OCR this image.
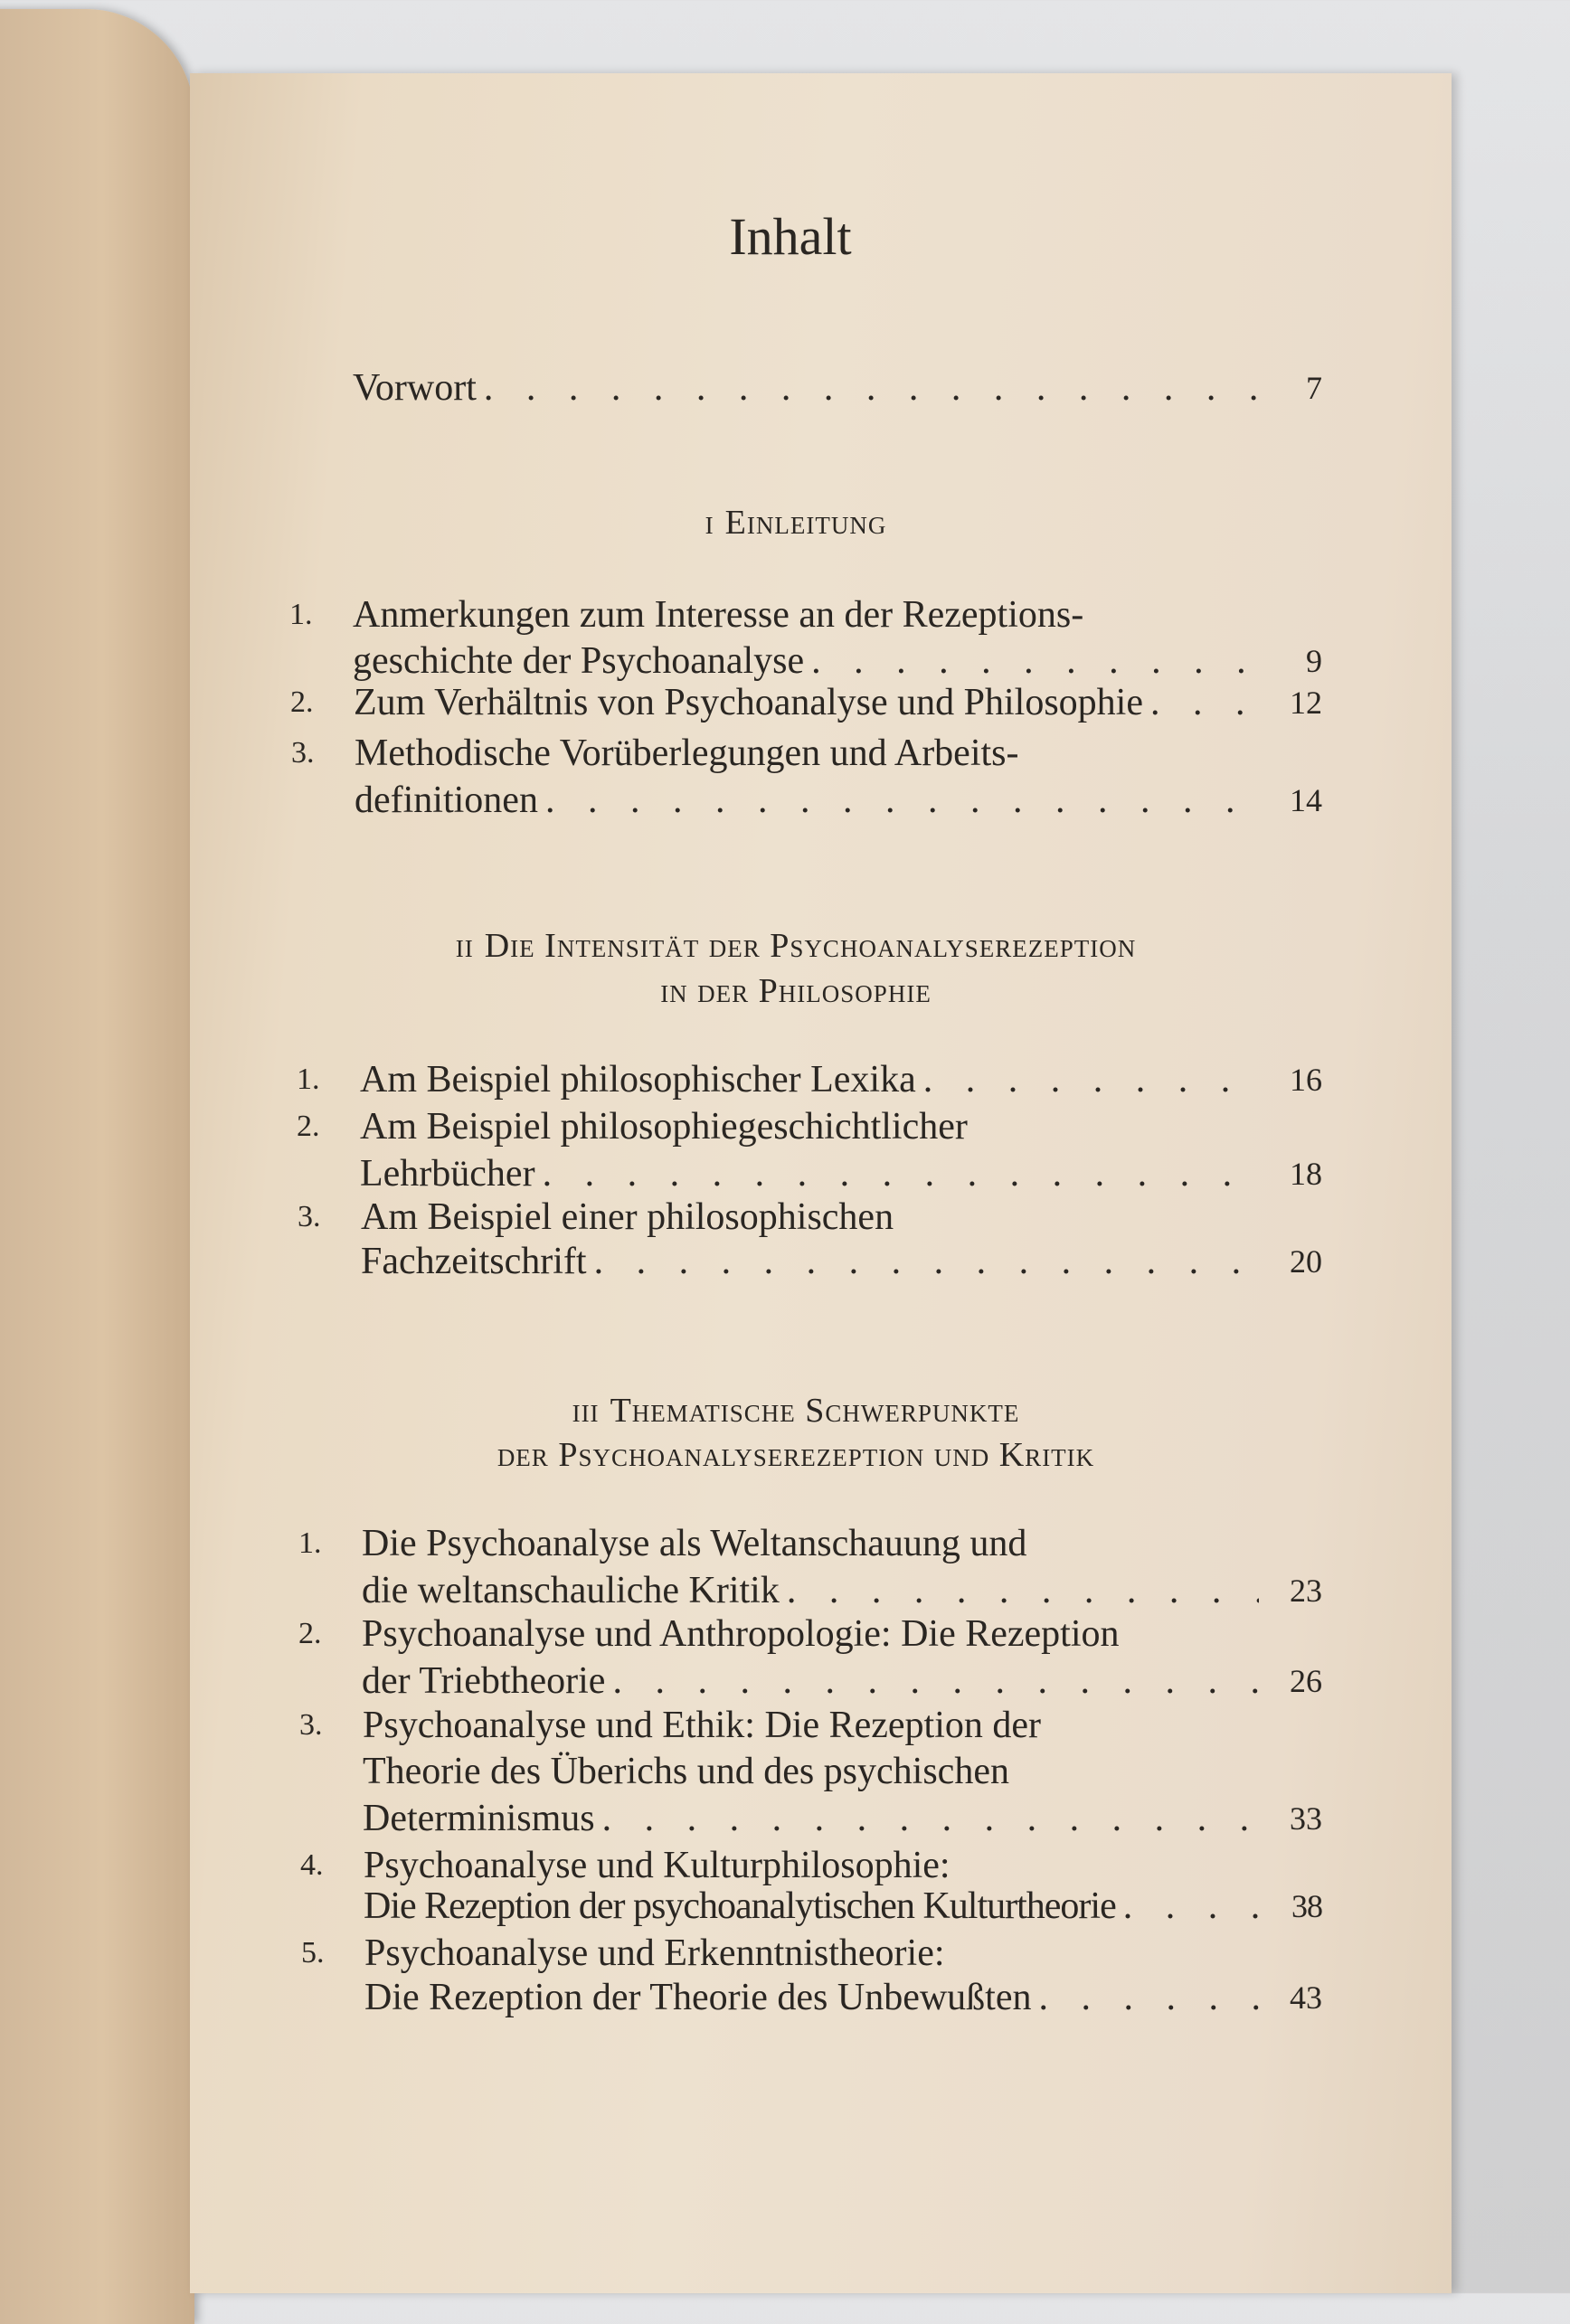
Inhalt
Vorwort . . .	7
i Einleitung
1. Anmerkungen zum Interesse an der Rezeptions-
geschichte der Psychoanalyse . . .	9
2. Zum Verhältnis von Psychoanalyse und Philosophie . . .	12
3. Methodische Vorüberlegungen und Arbeits-
definitionen . . .	14
ii Die Intensität der Psychoanalyserezeption
in der Philosophie
1. Am Beispiel philosophischer Lexika . . .	16
2. Am Beispiel philosophiegeschichtlicher
Lehrbücher . . .	18
3. Am Beispiel einer philosophischen
Fachzeitschrift . . .	20
iii Thematische Schwerpunkte
der Psychoanalyserezeption und Kritik
1. Die Psychoanalyse als Weltanschauung und
die weltanschauliche Kritik . . .	23
2. Psychoanalyse und Anthropologie: Die Rezeption
der Triebtheorie . . .	26
3. Psychoanalyse und Ethik: Die Rezeption der
Theorie des Überichs und des psychischen
Determinismus . . .	33
4. Psychoanalyse und Kulturphilosophie:
Die Rezeption der psychoanalytischen Kulturtheorie . . .	38
5. Psychoanalyse und Erkenntnistheorie:
Die Rezeption der Theorie des Unbewußten . . .	43
